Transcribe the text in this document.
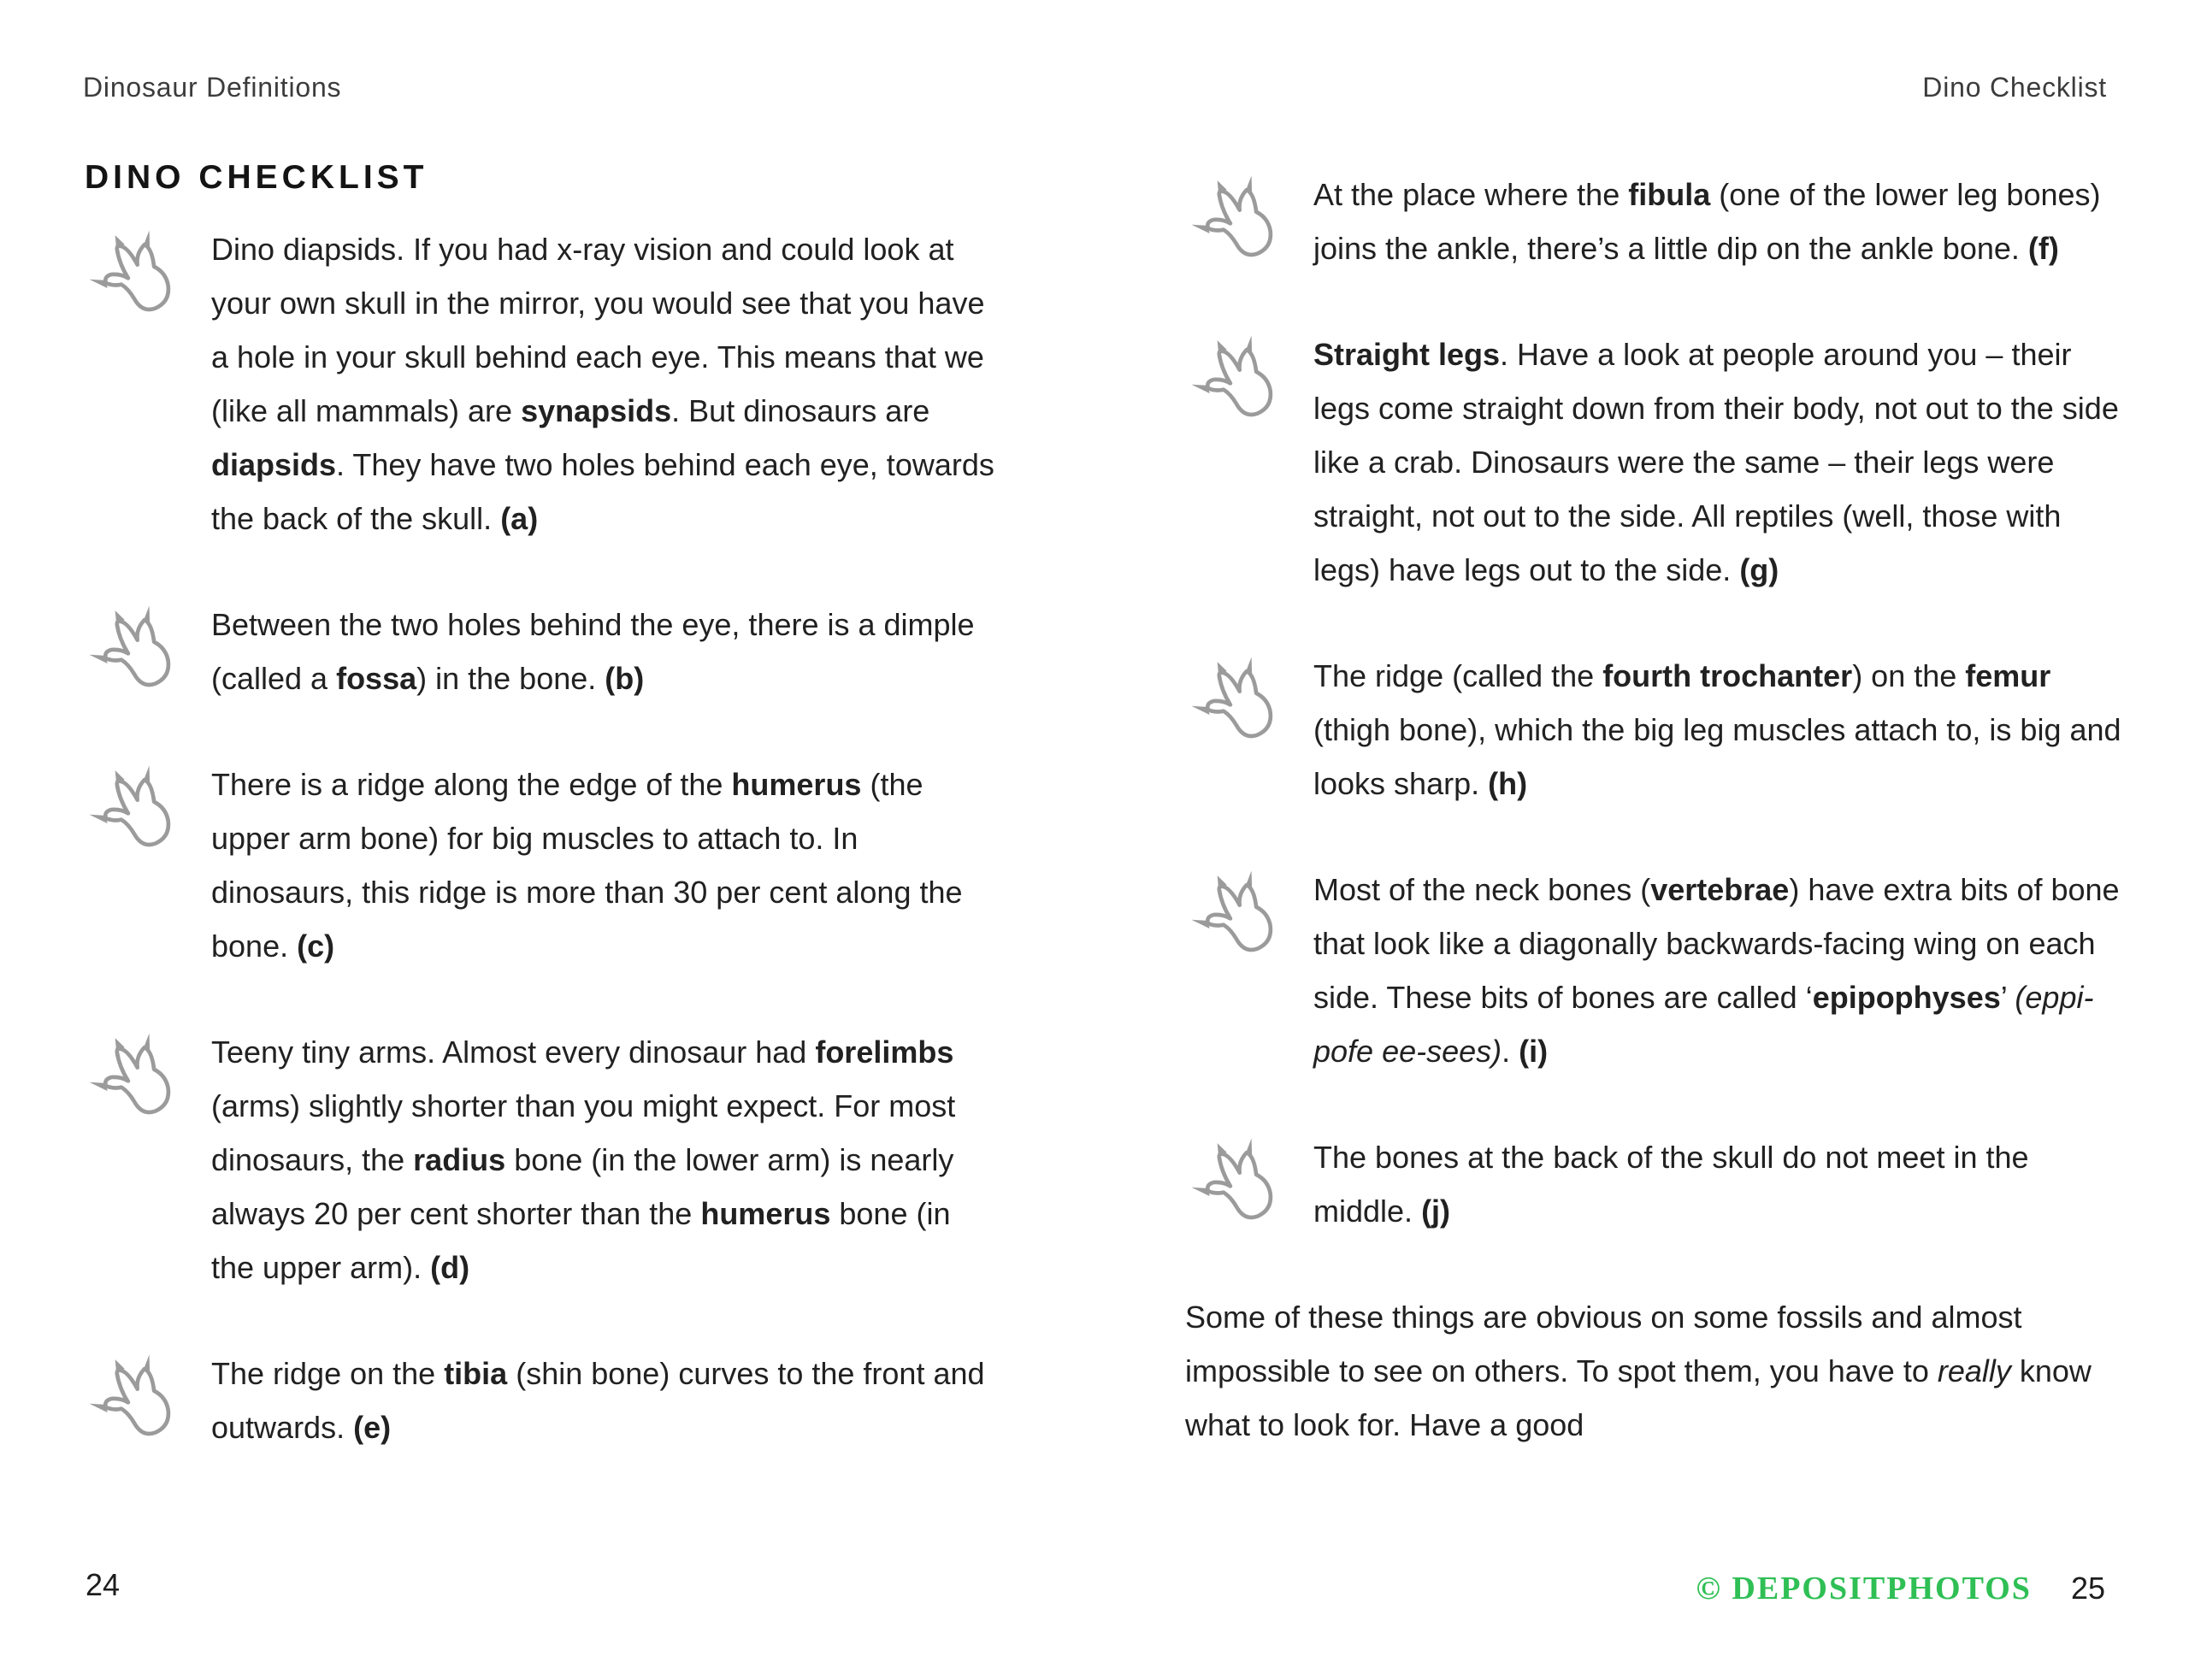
Dinosaur Definitions	Dino Checklist
DINO CHECKLIST

Dino diapsids. If you had x-ray vision and could look at your own skull in the mirror, you would see that you have a hole in your skull behind each eye. This means that we (like all mammals) are synapsids. But dinosaurs are diapsids. They have two holes behind each eye, towards the back of the skull. (a)

Between the two holes behind the eye, there is a dimple (called a fossa) in the bone. (b)

There is a ridge along the edge of the humerus (the upper arm bone) for big muscles to attach to. In dinosaurs, this ridge is more than 30 per cent along the bone. (c)

Teeny tiny arms. Almost every dinosaur had forelimbs (arms) slightly shorter than you might expect. For most dinosaurs, the radius bone (in the lower arm) is nearly always 20 per cent shorter than the humerus bone (in the upper arm). (d)

The ridge on the tibia (shin bone) curves to the front and outwards. (e)

At the place where the fibula (one of the lower leg bones) joins the ankle, there’s a little dip on the ankle bone. (f)

Straight legs. Have a look at people around you – their legs come straight down from their body, not out to the side like a crab. Dinosaurs were the same – their legs were straight, not out to the side. All reptiles (well, those with legs) have legs out to the side. (g)

The ridge (called the fourth trochanter) on the femur (thigh bone), which the big leg muscles attach to, is big and looks sharp. (h)

Most of the neck bones (vertebrae) have extra bits of bone that look like a diagonally backwards-facing wing on each side. These bits of bones are called ‘epipophyses’ (eppi-pofe ee-sees). (i)

The bones at the back of the skull do not meet in the middle. (j)

Some of these things are obvious on some fossils and almost impossible to see on others. To spot them, you have to really know what to look for. Have a good

24	© DEPOSITPHOTOS 25
